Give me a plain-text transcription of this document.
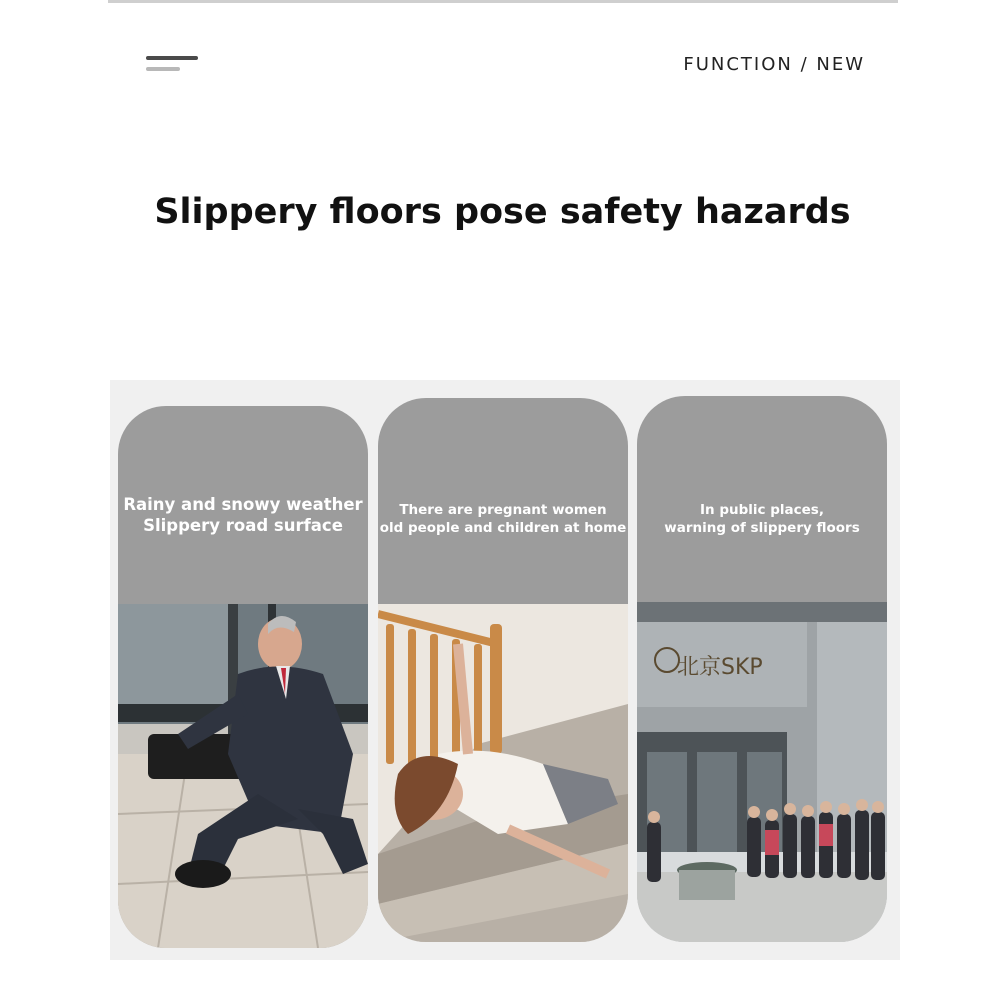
FUNCTION / NEW
Slippery floors pose safety hazards
Rainy and snowy weather
Slippery road surface
There are pregnant women
old people and children at home
In public places,
warning of slippery floors
北京SKP
